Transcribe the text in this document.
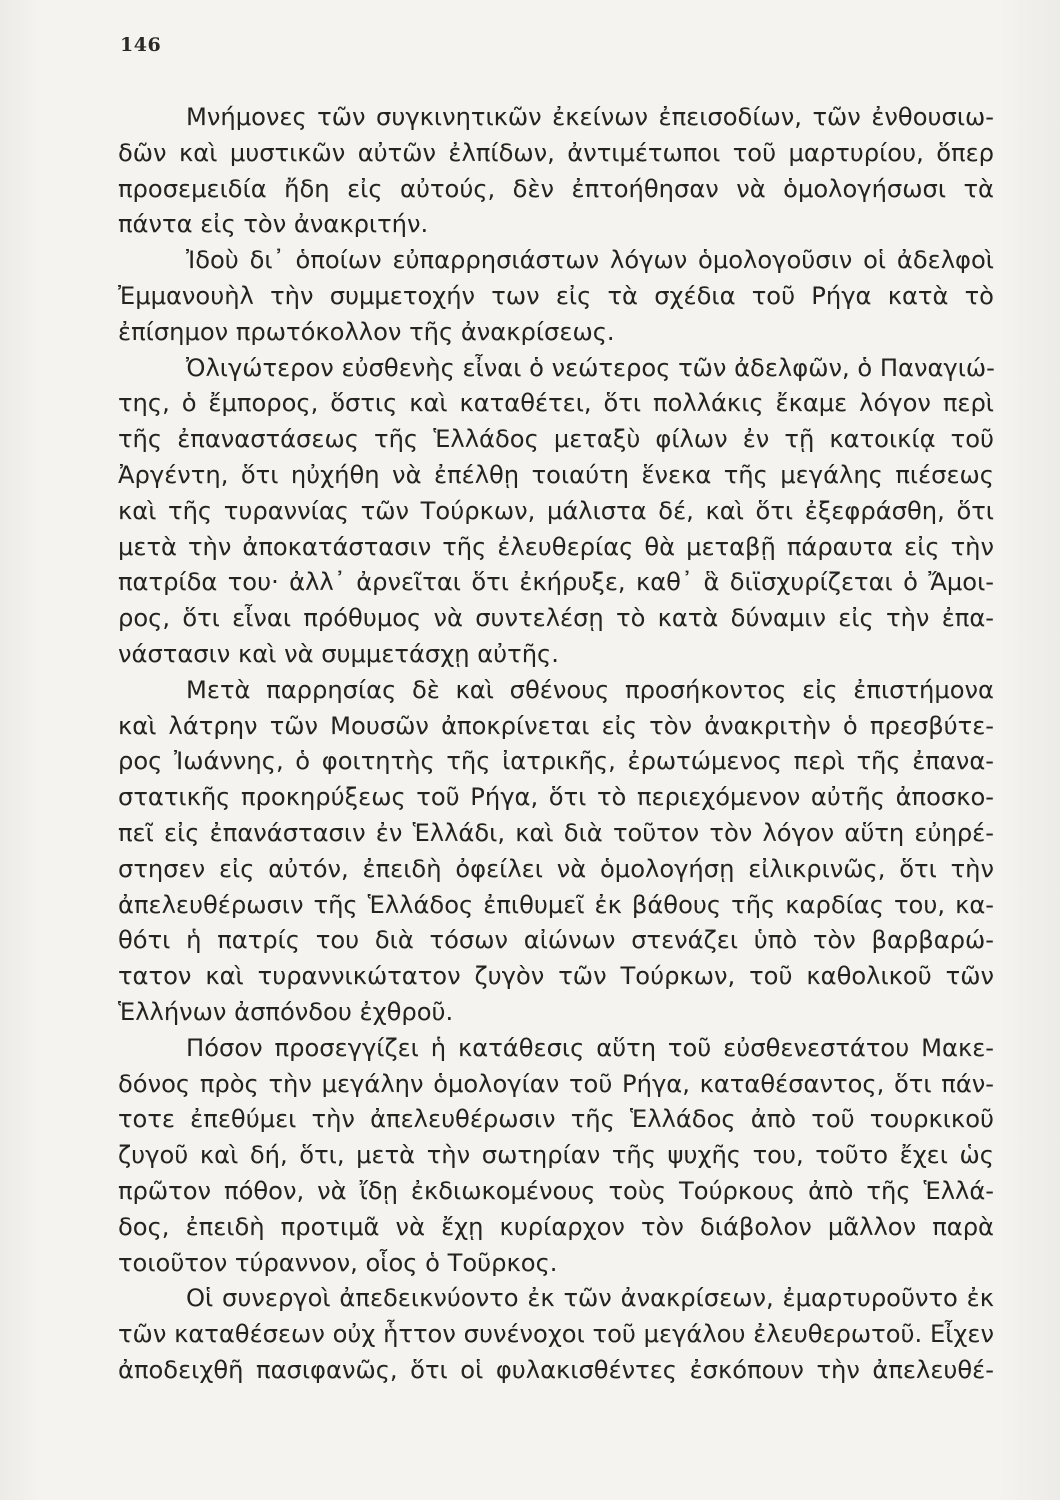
146
Μνήμονες τῶν συγκινητικῶν ἐκείνων ἐπεισοδίων, τῶν ἐνθουσιω-
δῶν καὶ μυστικῶν αὐτῶν ἐλπίδων, ἀντιμέτωποι τοῦ μαρτυρίου, ὅπερ
προσεμειδία ἤδη εἰς αὐτούς, δὲν ἐπτοήθησαν νὰ ὁμολογήσωσι τὰ
πάντα εἰς τὸν ἀνακριτήν.
Ἰδοὺ δι᾽ ὁποίων εὐπαρρησιάστων λόγων ὁμολογοῦσιν οἱ ἀδελφοὶ
Ἐμμανουὴλ τὴν συμμετοχήν των εἰς τὰ σχέδια τοῦ Ρήγα κατὰ τὸ
ἐπίσημον πρωτόκολλον τῆς ἀνακρίσεως.
Ὀλιγώτερον εὐσθενὴς εἶναι ὁ νεώτερος τῶν ἀδελφῶν, ὁ Παναγιώ-
της, ὁ ἔμπορος, ὅστις καὶ καταθέτει, ὅτι πολλάκις ἔκαμε λόγον περὶ
τῆς ἐπαναστάσεως τῆς Ἑλλάδος μεταξὺ φίλων ἐν τῇ κατοικίᾳ τοῦ
Ἀργέντη, ὅτι ηὐχήθη νὰ ἐπέλθῃ τοιαύτη ἕνεκα τῆς μεγάλης πιέσεως
καὶ τῆς τυραννίας τῶν Τούρκων, μάλιστα δέ, καὶ ὅτι ἐξεφράσθη, ὅτι
μετὰ τὴν ἀποκατάστασιν τῆς ἐλευθερίας θὰ μεταβῇ πάραυτα εἰς τὴν
πατρίδα του· ἀλλ᾽ ἀρνεῖται ὅτι ἐκήρυξε, καθ᾽ ἃ διϊσχυρίζεται ὁ Ἄμοι-
ρος, ὅτι εἶναι πρόθυμος νὰ συντελέσῃ τὸ κατὰ δύναμιν εἰς τὴν ἐπα-
νάστασιν καὶ νὰ συμμετάσχῃ αὐτῆς.
Μετὰ παρρησίας δὲ καὶ σθένους προσήκοντος εἰς ἐπιστήμονα
καὶ λάτρην τῶν Μουσῶν ἀποκρίνεται εἰς τὸν ἀνακριτὴν ὁ πρεσβύτε-
ρος Ἰωάννης, ὁ φοιτητὴς τῆς ἰατρικῆς, ἐρωτώμενος περὶ τῆς ἐπανα-
στατικῆς προκηρύξεως τοῦ Ρήγα, ὅτι τὸ περιεχόμενον αὐτῆς ἀποσκο-
πεῖ εἰς ἐπανάστασιν ἐν Ἑλλάδι, καὶ διὰ τοῦτον τὸν λόγον αὕτη εὐηρέ-
στησεν εἰς αὐτόν, ἐπειδὴ ὀφείλει νὰ ὁμολογήσῃ εἰλικρινῶς, ὅτι τὴν
ἀπελευθέρωσιν τῆς Ἑλλάδος ἐπιθυμεῖ ἐκ βάθους τῆς καρδίας του, κα-
θότι ἡ πατρίς του διὰ τόσων αἰώνων στενάζει ὑπὸ τὸν βαρβαρώ-
τατον καὶ τυραννικώτατον ζυγὸν τῶν Τούρκων, τοῦ καθολικοῦ τῶν
Ἑλλήνων ἀσπόνδου ἐχθροῦ.
Πόσον προσεγγίζει ἡ κατάθεσις αὕτη τοῦ εὐσθενεστάτου Μακε-
δόνος πρὸς τὴν μεγάλην ὁμολογίαν τοῦ Ρήγα, καταθέσαντος, ὅτι πάν-
τοτε ἐπεθύμει τὴν ἀπελευθέρωσιν τῆς Ἑλλάδος ἀπὸ τοῦ τουρκικοῦ
ζυγοῦ καὶ δή, ὅτι, μετὰ τὴν σωτηρίαν τῆς ψυχῆς του, τοῦτο ἔχει ὡς
πρῶτον πόθον, νὰ ἴδῃ ἐκδιωκομένους τοὺς Τούρκους ἀπὸ τῆς Ἑλλά-
δος, ἐπειδὴ προτιμᾶ νὰ ἔχῃ κυρίαρχον τὸν διάβολον μᾶλλον παρὰ
τοιοῦτον τύραννον, οἷος ὁ Τοῦρκος.
Οἱ συνεργοὶ ἀπεδεικνύοντο ἐκ τῶν ἀνακρίσεων, ἐμαρτυροῦντο ἐκ
τῶν καταθέσεων οὐχ ἧττον συνένοχοι τοῦ μεγάλου ἐλευθερωτοῦ. Εἶχεν
ἀποδειχθῆ πασιφανῶς, ὅτι οἱ φυλακισθέντες ἐσκόπουν τὴν ἀπελευθέ-
